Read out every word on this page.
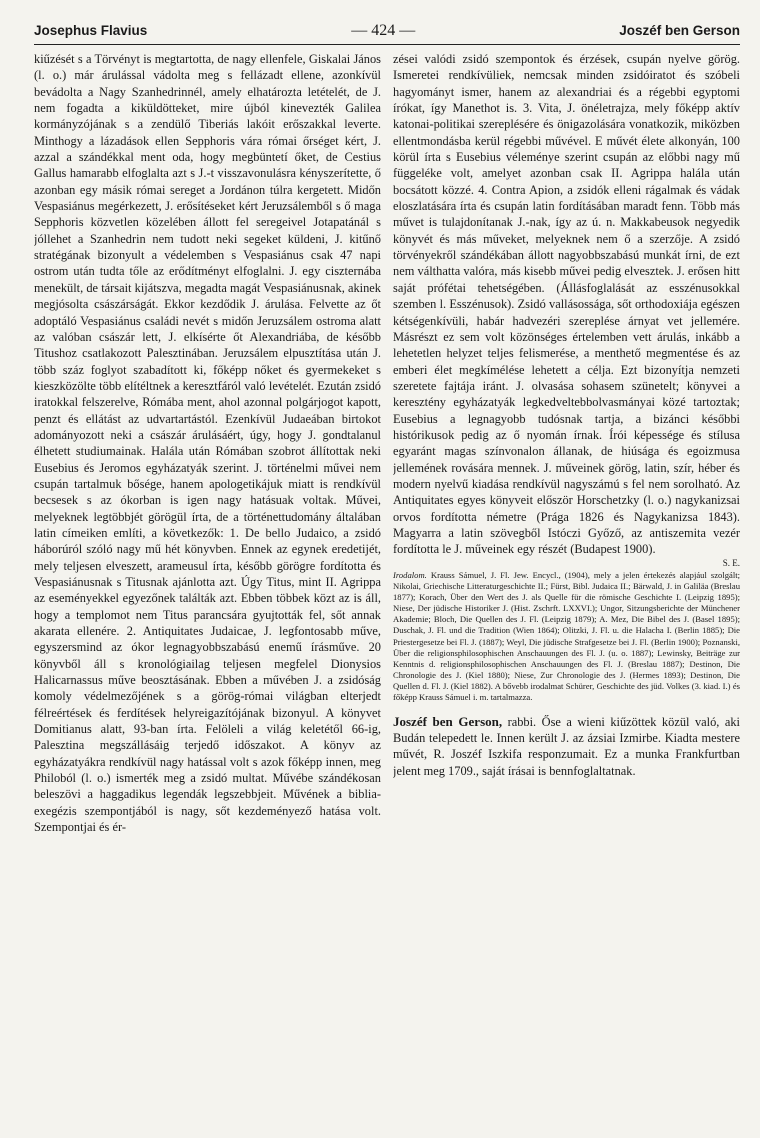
Josephus Flavius	— 424 —	Joszéf ben Gerson

kiűzését s a Törvényt is megtartotta, de nagy ellenfele, Giskalai János (l. o.) már árulással vádolta meg s fellázadt ellene, azonkívül bevádolta a Nagy Szanhedrinnél, amely elhatározta letételét, de J. nem fogadta a kiküldötteket, mire újból kinevezték Galilea kormányzójának s a zendülő Tiberiás lakóit erőszakkal leverte. Minthogy a lázadások ellen Sepphoris vára római őrséget kért, J. azzal a szándékkal ment oda, hogy megbüntetí őket, de Cestius Gallus hamarabb elfoglalta azt s J.-t visszavonulásra kényszerítette, ő azonban egy másik római sereget a Jordánon túlra kergetett. Midőn Vespasiánus megérkezett, J. erősítéseket kért Jeruzsálemből s ő maga Sepphoris közvetlen közelében állott fel seregeivel Jotapatánál s jóllehet a Szanhedrin nem tudott neki segeket küldeni, J. kitűnő stratégának bizonyult a védelemben s Vespasiánus csak 47 napi ostrom után tudta tőle az erődítményt elfoglalni. J. egy ciszternába menekült, de társait kijátszva, megadta magát Vespasiánusnak, akinek megjósolta császárságát. Ekkor kezdődik J. árulása. Felvette az őt adoptáló Vespasiánus családi nevét s midőn Jeruzsálem ostroma alatt az valóban császár lett, J. elkísérte őt Alexandriába, de később Titushoz csatlakozott Palesztinában. Jeruzsálem elpusztítása után J. több száz foglyot szabadított ki, főképp nőket és gyermekeket s kieszközölte több elítéltnek a keresztfáról való levételét. Ezután zsidó iratokkal felszerelve, Rómába ment, ahol azonnal polgárjogot kapott, penzt és ellátást az udvartartástól. Ezenkívül Judaeában birtokot adományozott neki a császár árulásáért, úgy, hogy J. gondtalanul élhetett studiumainak. Halála után Rómában szobrot állítottak neki Eusebius és Jeromos egyházatyák szerint. J. történelmi művei nem csupán tartalmuk bősége, hanem apologetikájuk miatt is rendkívül becsesek s az ókorban is igen nagy hatásuak voltak. Művei, melyeknek legtöbbjét görögül írta, de a történettudomány általában latin címeiken említi, a következők: 1. De bello Judaico, a zsidó háborúról szóló nagy mű hét könyvben. Ennek az egynek eredetijét, mely teljesen elveszett, arameusul írta, később görögre fordította és Vespasiánusnak s Titusnak ajánlotta azt. Úgy Titus, mint II. Agrippa az eseményekkel egyezőnek találták azt. Ebben többek közt az is áll, hogy a templomot nem Titus parancsára gyujtották fel, sőt annak akarata ellenére. 2. Antiquitates Judaicae, J. legfontosabb műve, egyszersmind az ókor legnagyobbszabású enemű írásműve. 20 könyvből áll s kronológiailag teljesen megfelel Dionysios Halicarnassus műve beosztásának. Ebben a művében J. a zsidóság komoly védelmezőjének s a görög-római világban elterjedt félreértések és ferdítések helyreigazítójának bizonyul. A könyvet Domitianus alatt, 93-ban írta. Felöleli a világ keletétől 66-ig, Palesztina megszállásáig terjedő időszakot. A könyv az egyházatyákra rendkívül nagy hatással volt s azok főképp innen, meg Philoból (l. o.) ismerték meg a zsidó multat. Művébe szándékosan beleszövi a haggadikus legendák legszebbjeit. Művének a biblia-exegézis szempontjából is nagy, sőt kezdeményező hatása volt. Szempontjai és ér-

zései valódi zsidó szempontok és érzések, csupán nyelve görög. Ismeretei rendkívüliek, nemcsak minden zsidóiratot és szóbeli hagyományt ismer, hanem az alexandriai és a régebbi egyptomi írókat, így Manethot is. 3. Vita, J. önéletrajza, mely főképp aktív katonai-politikai szereplésére és önigazolására vonatkozik, miközben ellentmondásba kerül régebbi művével. E művét élete alkonyán, 100 körül írta s Eusebius véleménye szerint csupán az előbbi nagy mű függeléke volt, amelyet azonban csak II. Agrippa halála után bocsátott közzé. 4. Contra Apion, a zsidók elleni rágalmak és vádak eloszlatására írta és csupán latin fordításában maradt fenn. Több más művet is tulajdonítanak J.-nak, így az ú. n. Makkabeusok negyedik könyvét és más műveket, melyeknek nem ő a szerzője. A zsidó törvényekről szándékában állott nagyobbszabású munkát írni, de ezt nem válthatta valóra, más kisebb művei pedig elvesztek. J. erősen hitt saját prófétai tehetségében. (Állásfoglalását az esszénusokkal szemben l. Esszénusok). Zsidó vallásossága, sőt orthodoxiája egészen kétségenkívüli, habár hadvezéri szereplése árnyat vet jellemére. Másrészt ez sem volt közönséges értelemben vett árulás, inkább a lehetetlen helyzet teljes felismerése, a menthető megmentése és az emberi élet megkímélése lehetett a célja. Ezt bizonyítja nemzeti szeretete fajtája iránt. J. olvasása sohasem szünetelt; könyvei a keresztény egyházatyák legkedveltebbolvasmányai közé tartoztak; Eusebius a legnagyobb tudósnak tartja, a bizánci későbbi histórikusok pedig az ő nyomán írnak. Írói képessége és stílusa egyaránt magas színvonalon állanak, de hiúsága és egoizmusa jellemének rovására mennek. J. műveinek görög, latin, szír, héber és modern nyelvű kiadása rendkívül nagyszámú s fel nem sorolható. Az Antiquitates egyes könyveit először Horschetzky (l. o.) nagykanizsai orvos fordította németre (Prága 1826 és Nagykanizsa 1843). Magyarra a latin szövegből Istóczi Győző, az antiszemita vezér fordította le J. műveinek egy részét (Budapest 1900).

S. E.
Irodalom. Krauss Sámuel, J. Fl. Jew. Encycl., (1904), mely a jelen értekezés alapjául szolgált; Nikolai, Griechische Litteraturgeschichte II.; Fürst, Bibl. Judaica II.; Bärwald, J. in Galiläa (Breslau 1877); Korach, Über den Wert des J. als Quelle für die römische Geschichte I. (Leipzig 1895); Niese, Der jüdische Historiker J. (Hist. Zschrft. LXXVI.); Ungor, Sitzungsberichte der Münchener Akademie; Bloch, Die Quellen des J. Fl. (Leipzig 1879); A. Mez, Die Bibel des J. (Basel 1895); Duschak, J. Fl. und die Tradition (Wien 1864); Olitzki, J. Fl. u. die Halacha I. (Berlin 1885); Die Priestergesetze bei Fl. J. (1887); Weyl, Die jüdische Strafgesetze bei J. Fl. (Berlin 1900); Poznanski, Über die religionsphilosophischen Anschauungen des Fl. J. (u. o. 1887); Lewinsky, Beiträge zur Kenntnis d. religionsphilosophischen Anschauungen des Fl. J. (Breslau 1887); Destinon, Die Chronologie des J. (Kiel 1880); Niese, Zur Chronologie des J. (Hermes 1893); Destinon, Die Quellen d. Fl. J. (Kiel 1882). A bővebb irodalmat Schürer, Geschichte des jüd. Volkes (3. kiad. I.) és főképp Krauss Sámuel i. m. tartalmazza.

Joszéf ben Gerson, rabbi. Őse a wieni kiűzöttek közül való, aki Budán telepedett le. Innen került J. az ázsiai Izmirbe. Kiadta mestere művét, R. Joszéf Iszkifa responzumait. Ez a munka Frankfurtban jelent meg 1709., saját írásai is bennfoglaltatnak.
